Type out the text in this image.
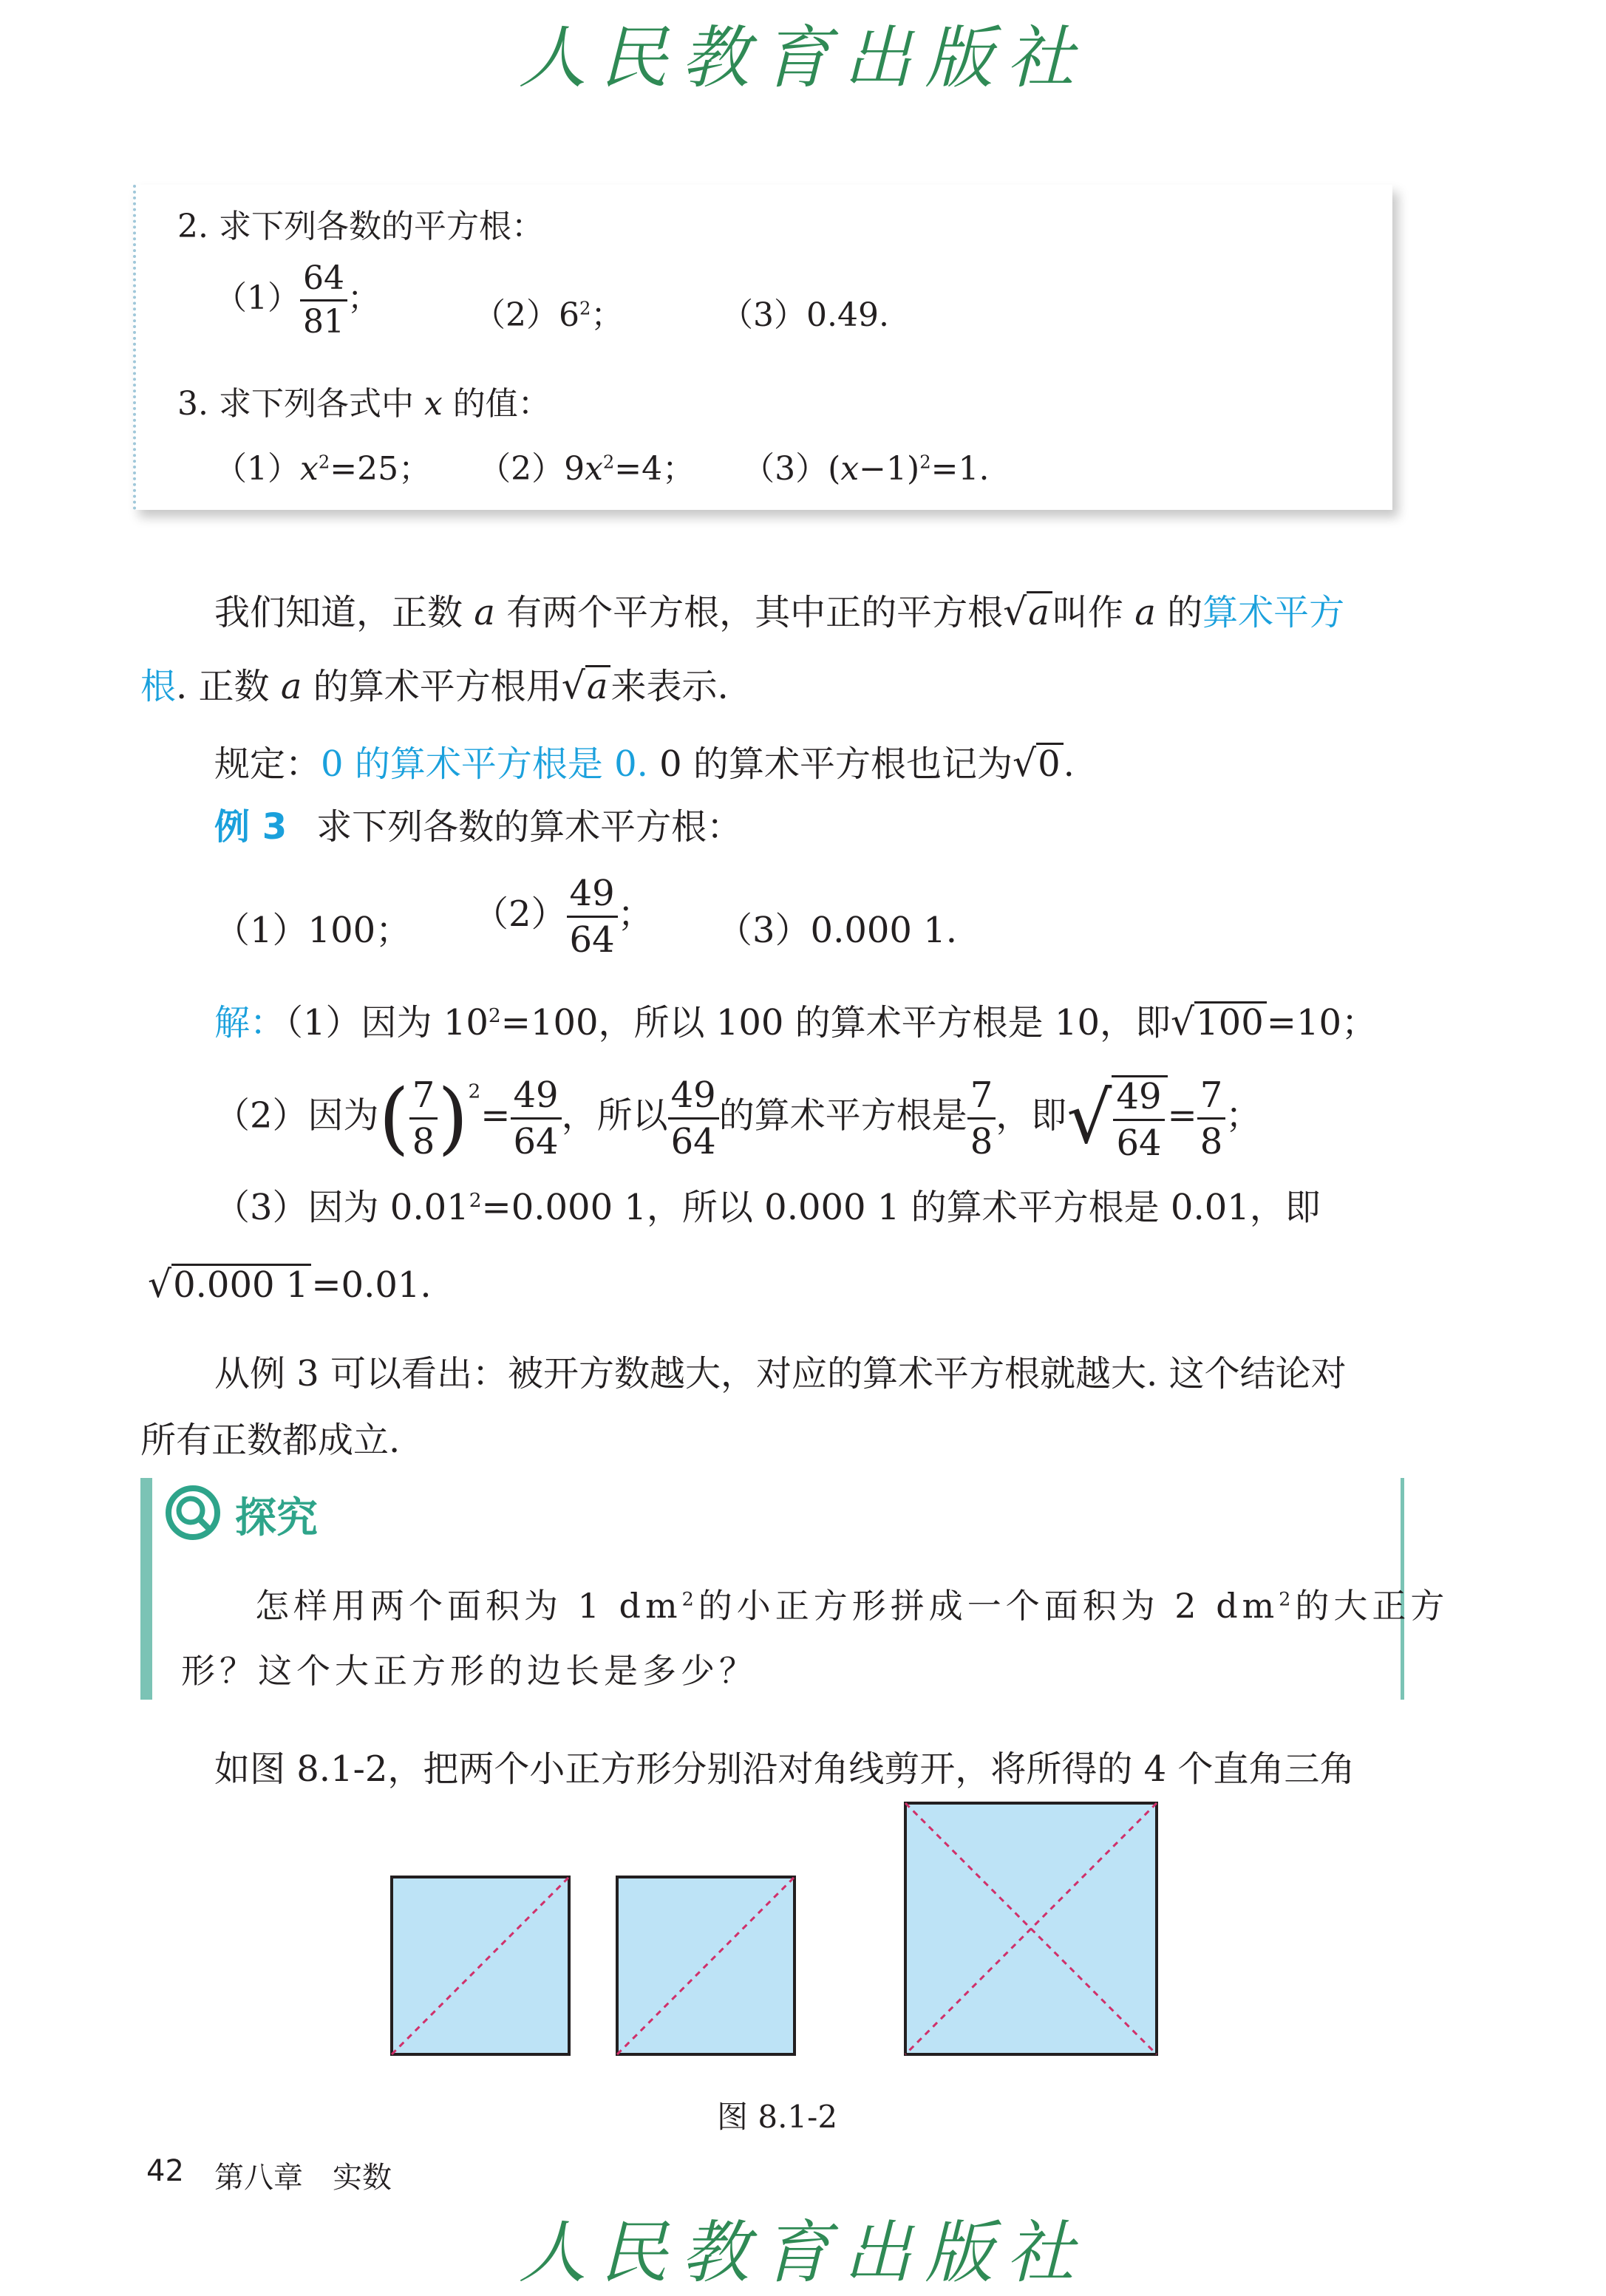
人民教育出版社
2. 求下列各数的平方根：
$(1) \frac{64}{81}$ ；	$(2)6^2$；	（3）0.49.
3. 求下列各式中 x 的值：
$(1)x^2=25$； $(2)9x^2=4$； $(3)(x-1)^2=1$.
我们知道，正数 a 有两个平方根，其中正的平方根√a叫作 a 的算术平方
根. 正数 a 的算术平方根用√a来表示.
规定：0 的算术平方根是 0. 0 的算术平方根也记为√0.
例 3 求下列各数的算术平方根：
（1）100； $(2) \frac{49}{64}$ ； （3）0.000 1.
解：（1）因为 $10^2=100$，所以 100 的算术平方根是 10，即√100=10；
（2）因为( $\frac{7}{8} )^2= \frac{49}{64}$ ，所以 $\frac{49}{64}$ 的算术平方根是 $\frac{7}{8}$ ，即√ $\frac{49}{64} = \frac{7}{8}$ ；
（3）因为 $0.01^2=0.000$ 1，所以 0.000 1 的算术平方根是 0.01，即
√0.000 1=0.01.
从例 3 可以看出：被开方数越大，对应的算术平方根就越大. 这个结论对
所有正数都成立.
探究
怎样用两个面积为 1 $dm^2$的小正方形拼成一个面积为 2 $dm^2$的大正方
形？这个大正方形的边长是多少？
如图 8.1-2，把两个小正方形分别沿对角线剪开，将所得的 4 个直角三角
图 8.1-2
42 第八章　实数
人民教育出版社
